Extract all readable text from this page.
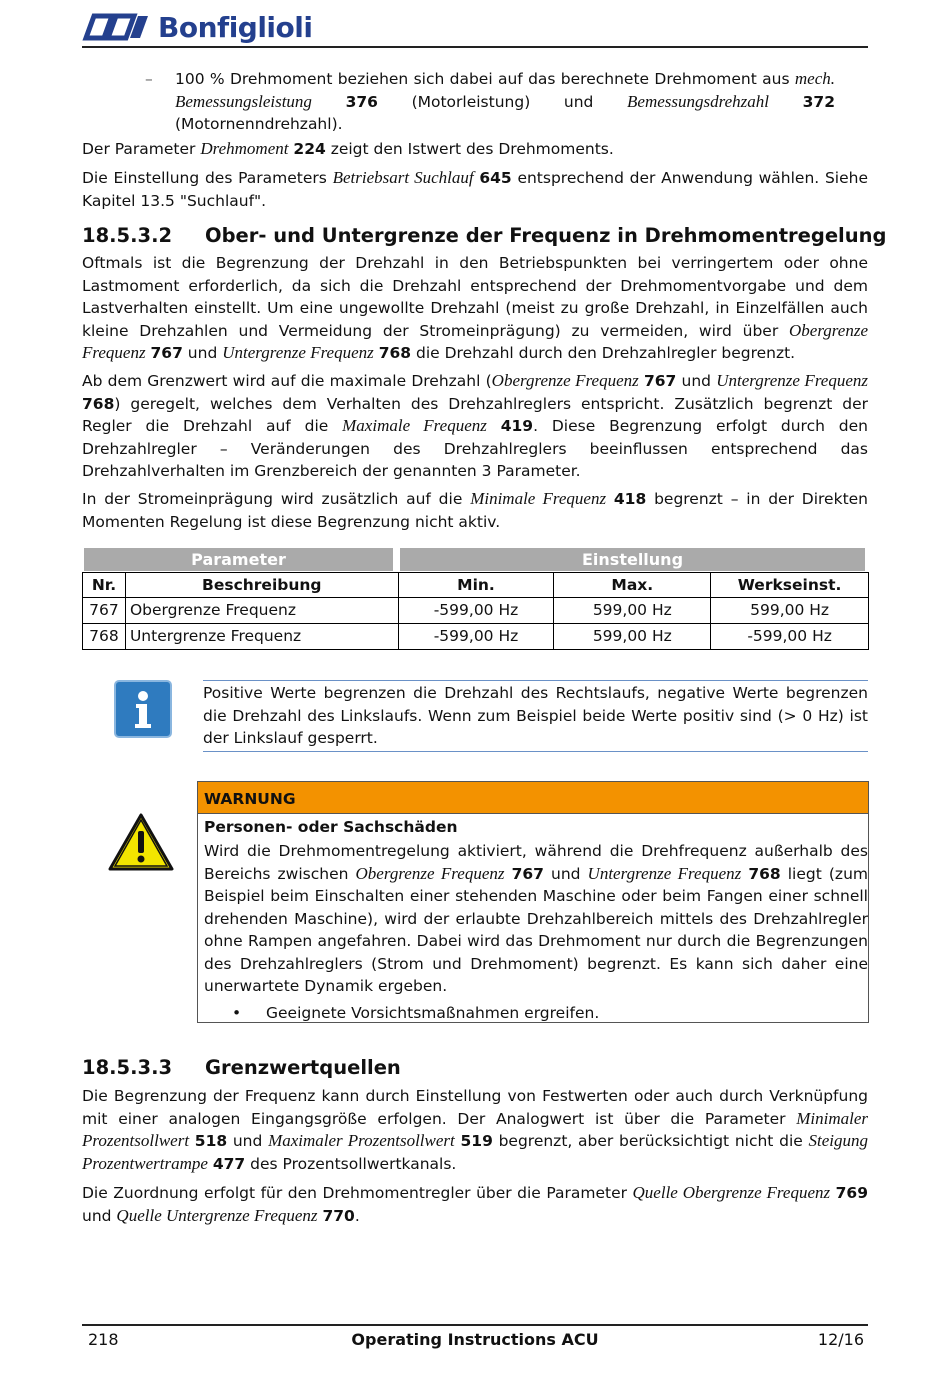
Bonfiglioli
–	100 % Drehmoment beziehen sich dabei auf das berechnete Drehmoment aus mech. Bemessungsleistung 376 (Motorleistung) und Bemessungsdrehzahl 372 (Motornenndrehzahl).
Der Parameter Drehmoment 224 zeigt den Istwert des Drehmoments.
Die Einstellung des Parameters Betriebsart Suchlauf 645 entsprechend der Anwendung wählen. Siehe Kapitel 13.5 "Suchlauf".
18.5.3.2 Ober- und Untergrenze der Frequenz in Drehmomentregelung
Oftmals ist die Begrenzung der Drehzahl in den Betriebspunkten bei verringertem oder ohne Lastmoment erforderlich, da sich die Drehzahl entsprechend der Drehmomentvorgabe und dem Lastverhalten einstellt. Um eine ungewollte Drehzahl (meist zu große Drehzahl, in Einzelfällen auch kleine Drehzahlen und Vermeidung der Stromeinprägung) zu vermeiden, wird über Obergrenze Frequenz 767 und Untergrenze Frequenz 768 die Drehzahl durch den Drehzahlregler begrenzt.
Ab dem Grenzwert wird auf die maximale Drehzahl (Obergrenze Frequenz 767 und Untergrenze Frequenz 768) geregelt, welches dem Verhalten des Drehzahlreglers entspricht. Zusätzlich begrenzt der Regler die Drehzahl auf die Maximale Frequenz 419. Diese Begrenzung erfolgt durch den Drehzahlregler – Veränderungen des Drehzahlreglers beeinflussen entsprechend das Drehzahlverhalten im Grenzbereich der genannten 3 Parameter.
In der Stromeinprägung wird zusätzlich auf die Minimale Frequenz 418 begrenzt – in der Direkten Momenten Regelung ist diese Begrenzung nicht aktiv.
Parameter	Einstellung
Nr.	Beschreibung	Min.	Max.	Werkseinst.
767 Obergrenze Frequenz	-599,00 Hz	599,00 Hz	599,00 Hz
768 Untergrenze Frequenz	-599,00 Hz	599,00 Hz	-599,00 Hz
Positive Werte begrenzen die Drehzahl des Rechtslaufs, negative Werte begrenzen die Drehzahl des Linkslaufs. Wenn zum Beispiel beide Werte positiv sind (> 0 Hz) ist der Linkslauf gesperrt.
WARNUNG
Personen- oder Sachschäden
Wird die Drehmomentregelung aktiviert, während die Drehfrequenz außerhalb des Bereichs zwischen Obergrenze Frequenz 767 und Untergrenze Frequenz 768 liegt (zum Beispiel beim Einschalten einer stehenden Maschine oder beim Fangen einer schnell drehenden Maschine), wird der erlaubte Drehzahlbereich mittels des Drehzahlregler ohne Rampen angefahren. Dabei wird das Drehmoment nur durch die Begrenzungen des Drehzahlreglers (Strom und Drehmoment) begrenzt. Es kann sich daher eine unerwartete Dynamik ergeben.
• Geeignete Vorsichtsmaßnahmen ergreifen.
18.5.3.3 Grenzwertquellen
Die Begrenzung der Frequenz kann durch Einstellung von Festwerten oder auch durch Verknüpfung mit einer analogen Eingangsgröße erfolgen. Der Analogwert ist über die Parameter Minimaler Prozentsollwert 518 und Maximaler Prozentsollwert 519 begrenzt, aber berücksichtigt nicht die Steigung Prozentwertrampe 477 des Prozentsollwertkanals.
Die Zuordnung erfolgt für den Drehmomentregler über die Parameter Quelle Obergrenze Frequenz 769 und Quelle Untergrenze Frequenz 770.
218	Operating Instructions ACU	12/16
